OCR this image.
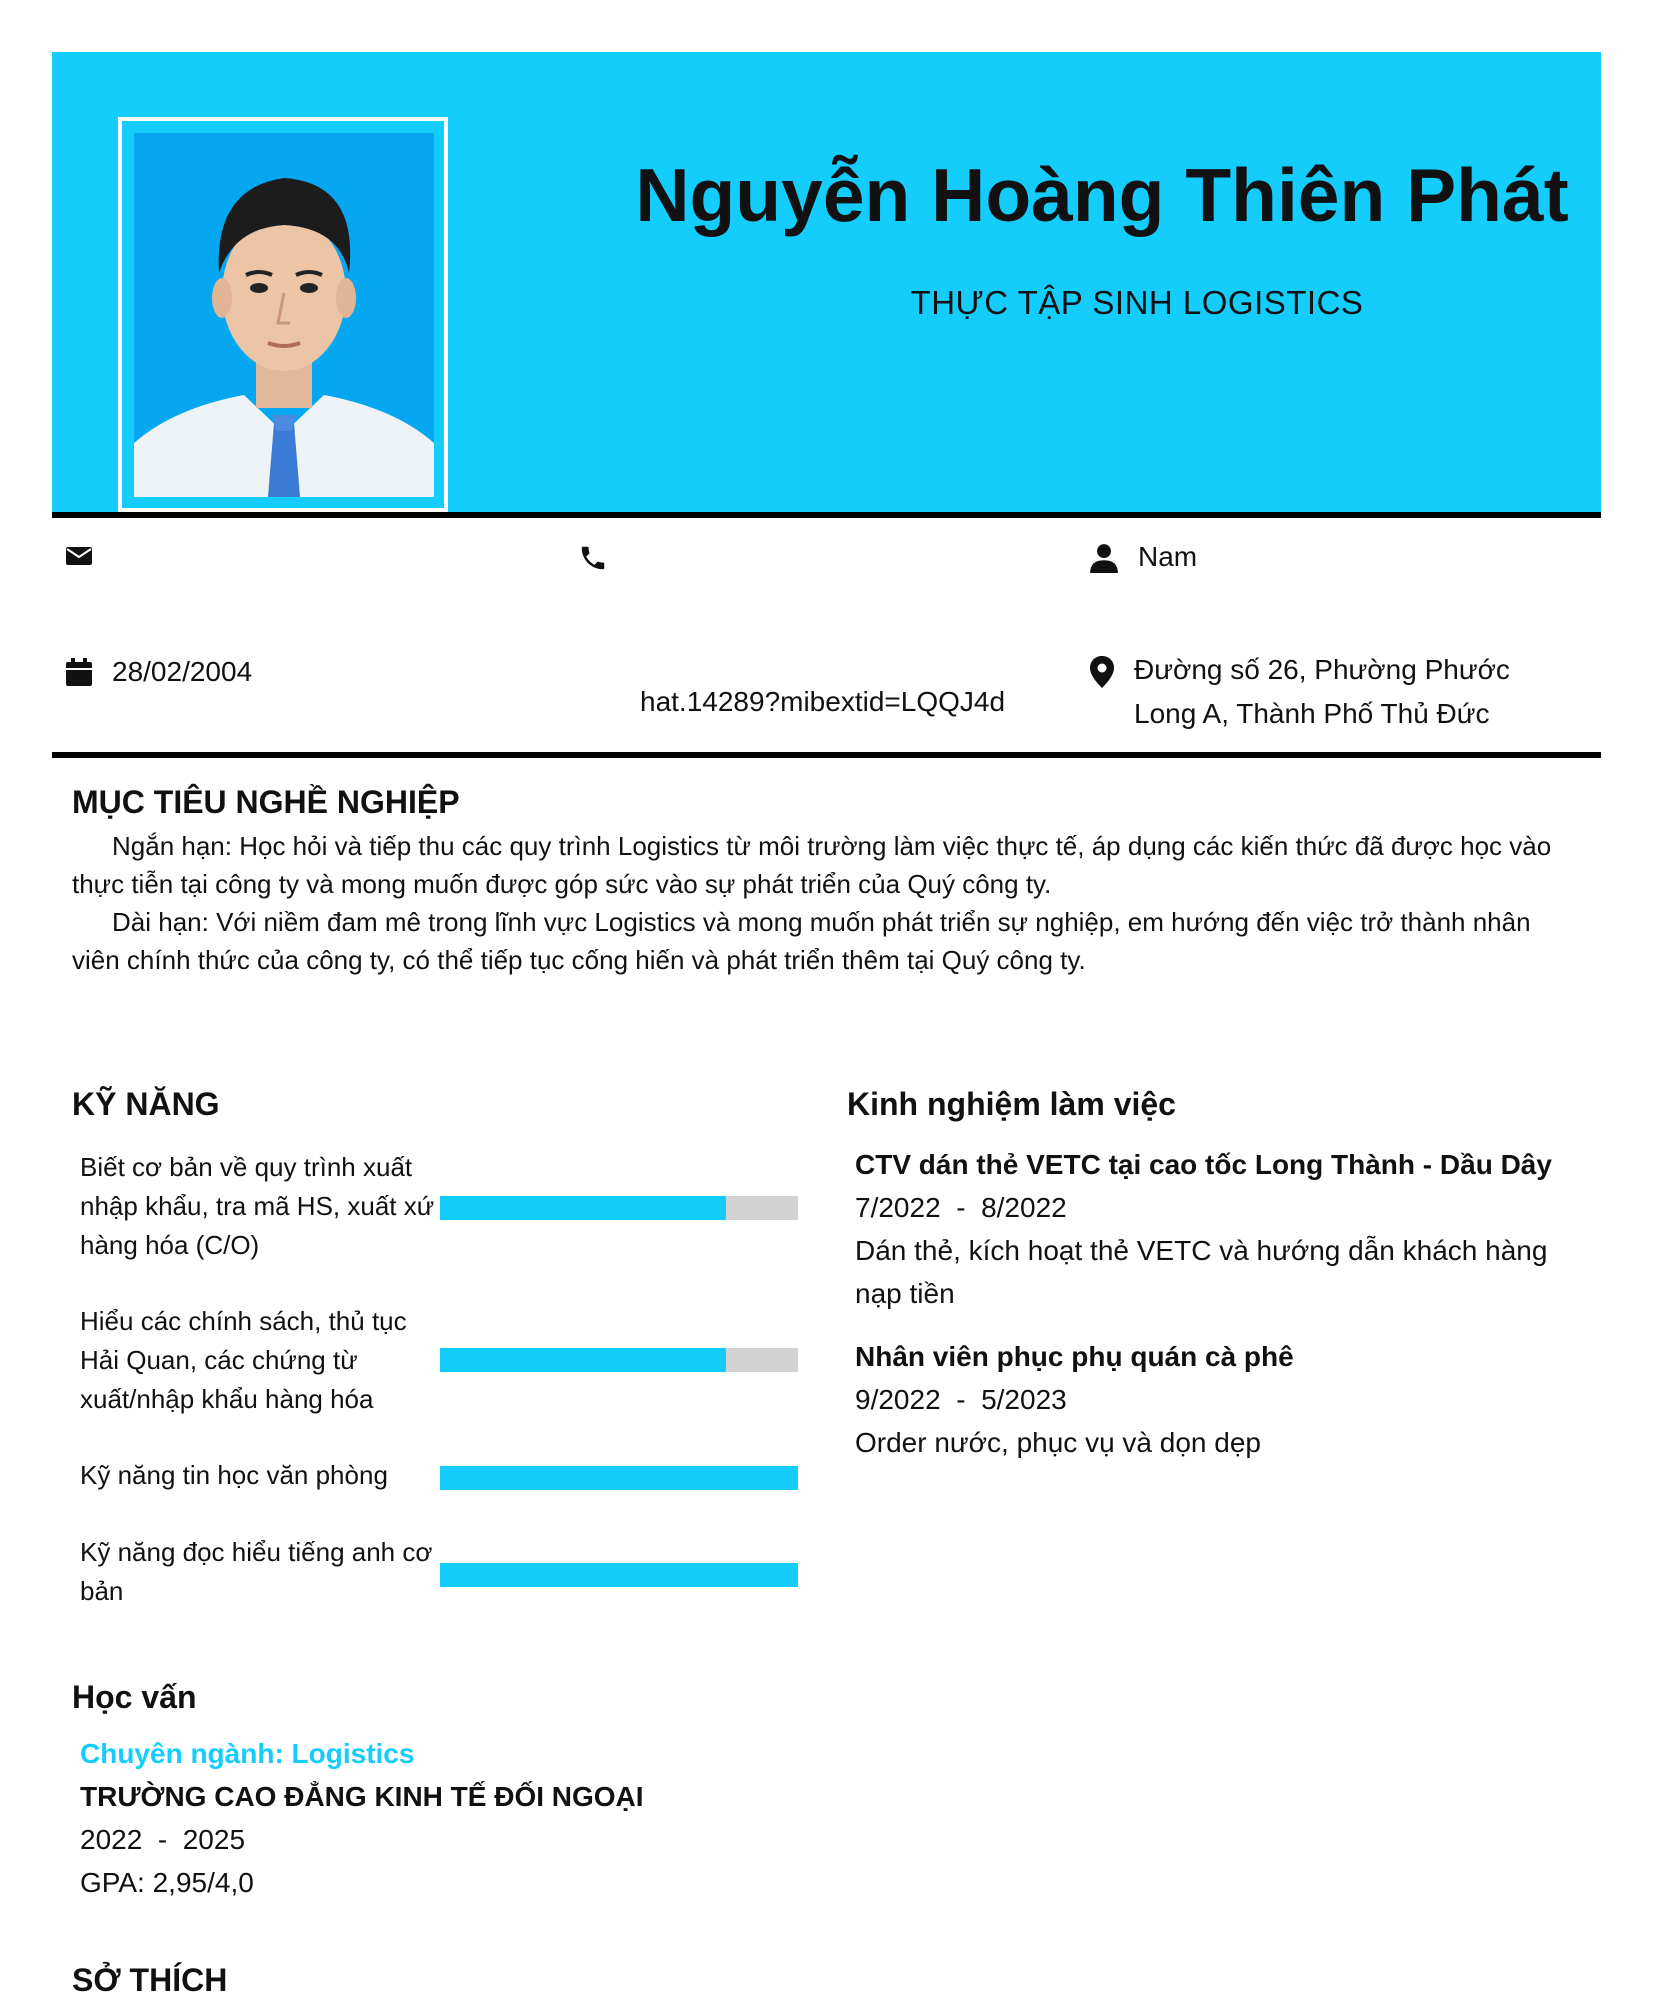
Nguyễn Hoàng Thiên Phát
THỰC TẬP SINH LOGISTICS
Nam
28/02/2004
hat.14289?mibextid=LQQJ4d
Đường số 26, Phường Phước Long A, Thành Phố Thủ Đức
MỤC TIÊU NGHỀ NGHIỆP

Ngắn hạn: Học hỏi và tiếp thu các quy trình Logistics từ môi trường làm việc thực tế, áp dụng các kiến thức đã được học vào thực tiễn tại công ty và mong muốn được góp sức vào sự phát triển của Quý công ty.

Dài hạn: Với niềm đam mê trong lĩnh vực Logistics và mong muốn phát triển sự nghiệp, em hướng đến việc trở thành nhân viên chính thức của công ty, có thể tiếp tục cống hiến và phát triển thêm tại Quý công ty.

KỸ NĂNG
Biết cơ bản về quy trình xuất nhập khẩu, tra mã HS, xuất xứ hàng hóa (C/O)
Hiểu các chính sách, thủ tục Hải Quan, các chứng từ xuất/nhập khẩu hàng hóa
Kỹ năng tin học văn phòng
Kỹ năng đọc hiểu tiếng anh cơ bản
Kinh nghiệm làm việc
CTV dán thẻ VETC tại cao tốc Long Thành - Dầu Dây
7/2022  -  8/2022
Dán thẻ, kích hoạt thẻ VETC và hướng dẫn khách hàng nạp tiền
Nhân viên phục phụ quán cà phê
9/2022  -  5/2023
Order nước, phục vụ và dọn dẹp
Học vấn
Chuyên ngành: Logistics
TRƯỜNG CAO ĐẲNG KINH TẾ ĐỐI NGOẠI
2022  -  2025
GPA: 2,95/4,0
SỞ THÍCH
